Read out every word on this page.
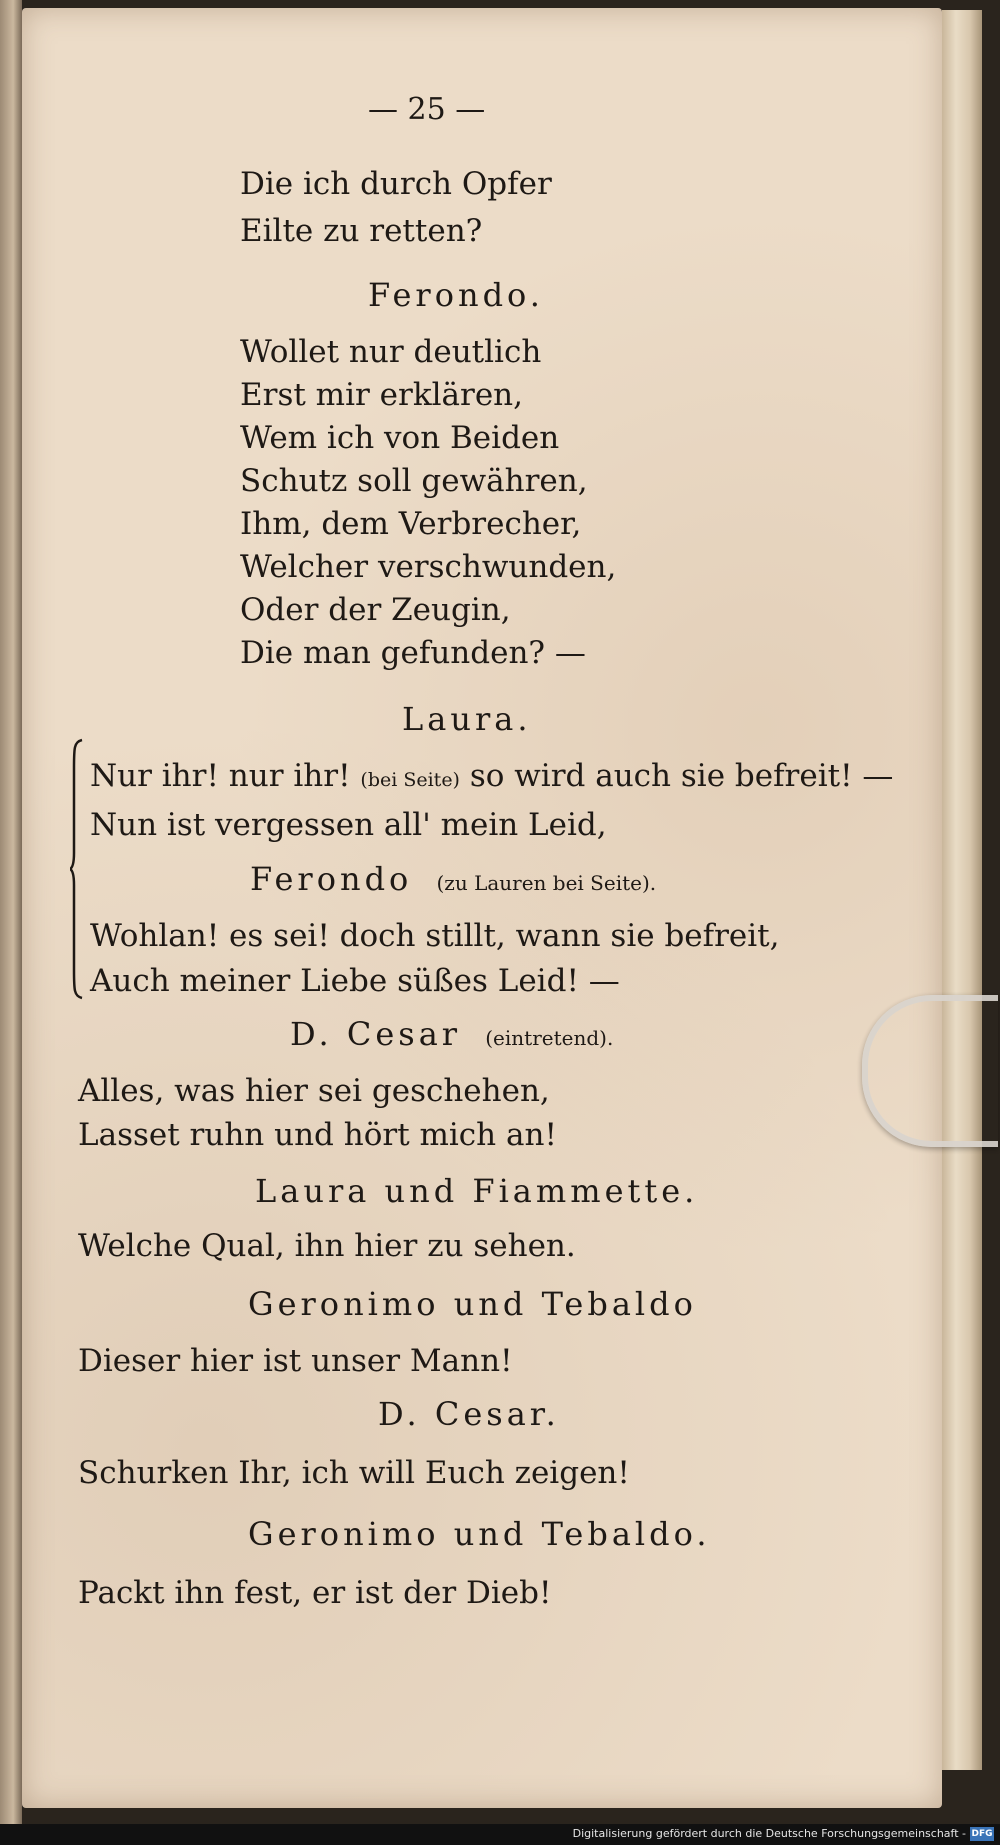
— 25 —
Die ich durch Opfer
Eilte zu retten?
Ferondo.
Wollet nur deutlich
Erst mir erklären,
Wem ich von Beiden
Schutz soll gewähren,
Ihm, dem Verbrecher,
Welcher verschwunden,
Oder der Zeugin,
Die man gefunden? —
Laura.
Nur ihr! nur ihr! (bei Seite) so wird auch sie befreit! —
Nun ist vergessen all' mein Leid,
Ferondo (zu Lauren bei Seite).
Wohlan! es sei! doch stillt, wann sie befreit,
Auch meiner Liebe süßes Leid! —
D. Cesar (eintretend).
Alles, was hier sei geschehen,
Lasset ruhn und hört mich an!
Laura und Fiammette.
Welche Qual, ihn hier zu sehen.
Geronimo und Tebaldo
Dieser hier ist unser Mann!
D. Cesar.
Schurken Ihr, ich will Euch zeigen!
Geronimo und Tebaldo.
Packt ihn fest, er ist der Dieb!
Digitalisierung gefördert durch die Deutsche Forschungsgemeinschaft - DFG
